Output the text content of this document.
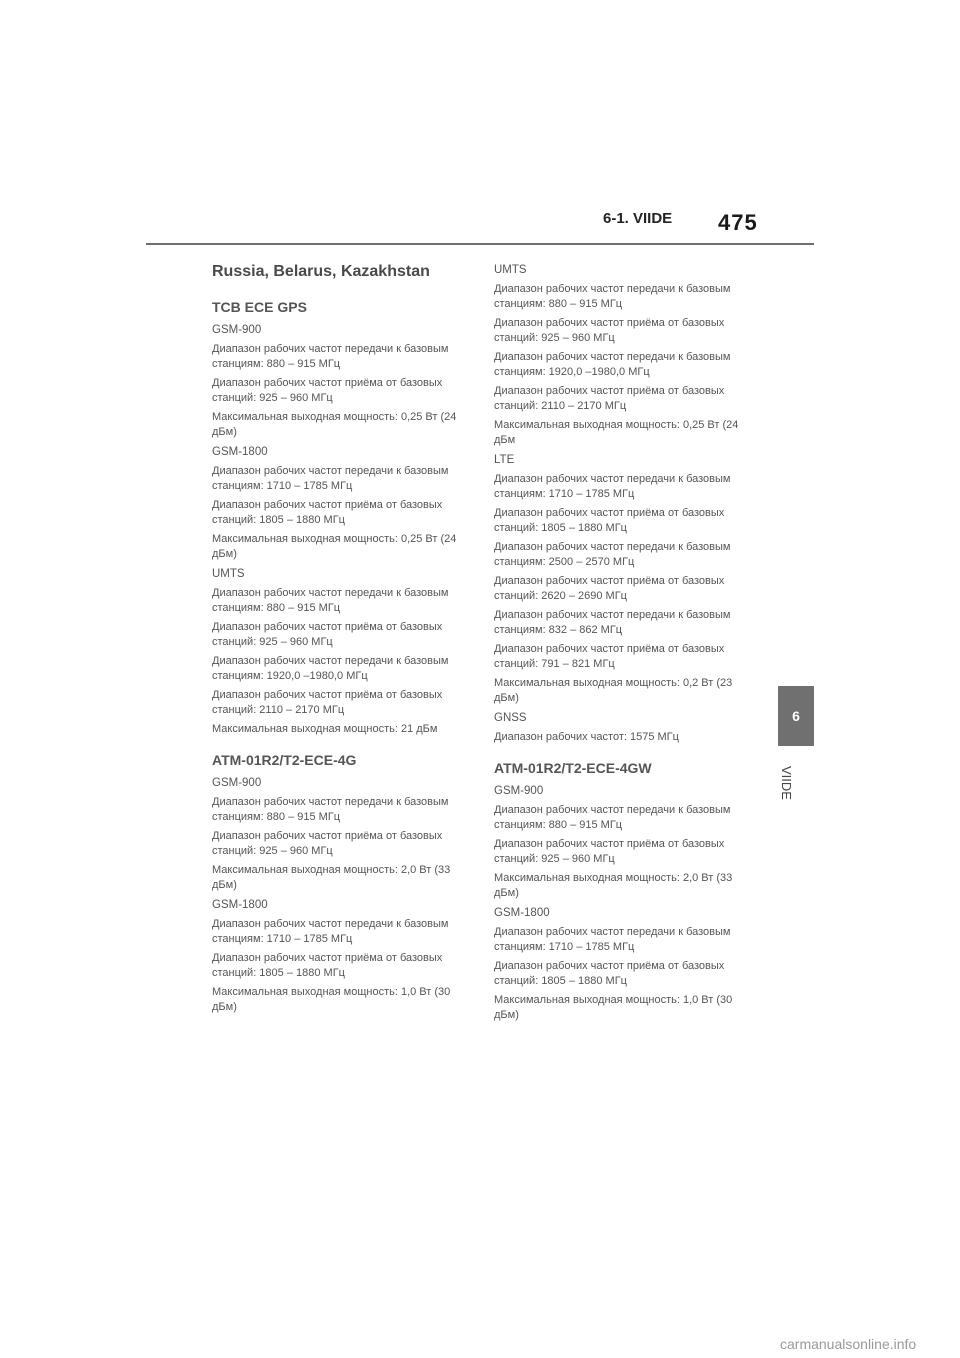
6-1. VIIDE 475
Russia, Belarus, Kazakhstan
TCB ECE GPS
GSM-900
Диапазон рабочих частот передачи к базовым станциям: 880 – 915 МГц
Диапазон рабочих частот приёма от базовых станций: 925 – 960 МГц
Максимальная выходная мощность: 0,25 Вт (24 дБм)
GSM-1800
Диапазон рабочих частот передачи к базовым станциям: 1710 – 1785 МГц
Диапазон рабочих частот приёма от базовых станций: 1805 – 1880 МГц
Максимальная выходная мощность: 0,25 Вт (24 дБм)
UMTS
Диапазон рабочих частот передачи к базовым станциям: 880 – 915 МГц
Диапазон рабочих частот приёма от базовых станций: 925 – 960 МГц
Диапазон рабочих частот передачи к базовым станциям: 1920,0 –1980,0 МГц
Диапазон рабочих частот приёма от базовых станций: 2110 – 2170 МГц
Максимальная выходная мощность: 21 дБм
ATM-01R2/T2-ECE-4G
GSM-900
Диапазон рабочих частот передачи к базовым станциям: 880 – 915 МГц
Диапазон рабочих частот приёма от базовых станций: 925 – 960 МГц
Максимальная выходная мощность: 2,0 Вт (33 дБм)
GSM-1800
Диапазон рабочих частот передачи к базовым станциям: 1710 – 1785 МГц
Диапазон рабочих частот приёма от базовых станций: 1805 – 1880 МГц
Максимальная выходная мощность: 1,0 Вт (30 дБм)
UMTS
Диапазон рабочих частот передачи к базовым станциям: 880 – 915 МГц
Диапазон рабочих частот приёма от базовых станций: 925 – 960 МГц
Диапазон рабочих частот передачи к базовым станциям: 1920,0 –1980,0 МГц
Диапазон рабочих частот приёма от базовых станций: 2110 – 2170 МГц
Максимальная выходная мощность: 0,25 Вт (24 дБм
LTE
Диапазон рабочих частот передачи к базовым станциям: 1710 – 1785 МГц
Диапазон рабочих частот приёма от базовых станций: 1805 – 1880 МГц
Диапазон рабочих частот передачи к базовым станциям: 2500 – 2570 МГц
Диапазон рабочих частот приёма от базовых станций: 2620 – 2690 МГц
Диапазон рабочих частот передачи к базовым станциям: 832 – 862 МГц
Диапазон рабочих частот приёма от базовых станций: 791 – 821 МГц
Максимальная выходная мощность: 0,2 Вт (23 дБм)
GNSS
Диапазон рабочих частот: 1575 МГц
ATM-01R2/T2-ECE-4GW
GSM-900
Диапазон рабочих частот передачи к базовым станциям: 880 – 915 МГц
Диапазон рабочих частот приёма от базовых станций: 925 – 960 МГц
Максимальная выходная мощность: 2,0 Вт (33 дБм)
GSM-1800
Диапазон рабочих частот передачи к базовым станциям: 1710 – 1785 МГц
Диапазон рабочих частот приёма от базовых станций: 1805 – 1880 МГц
Максимальная выходная мощность: 1,0 Вт (30 дБм)
6
VIIDE
carmanualsonline.info
